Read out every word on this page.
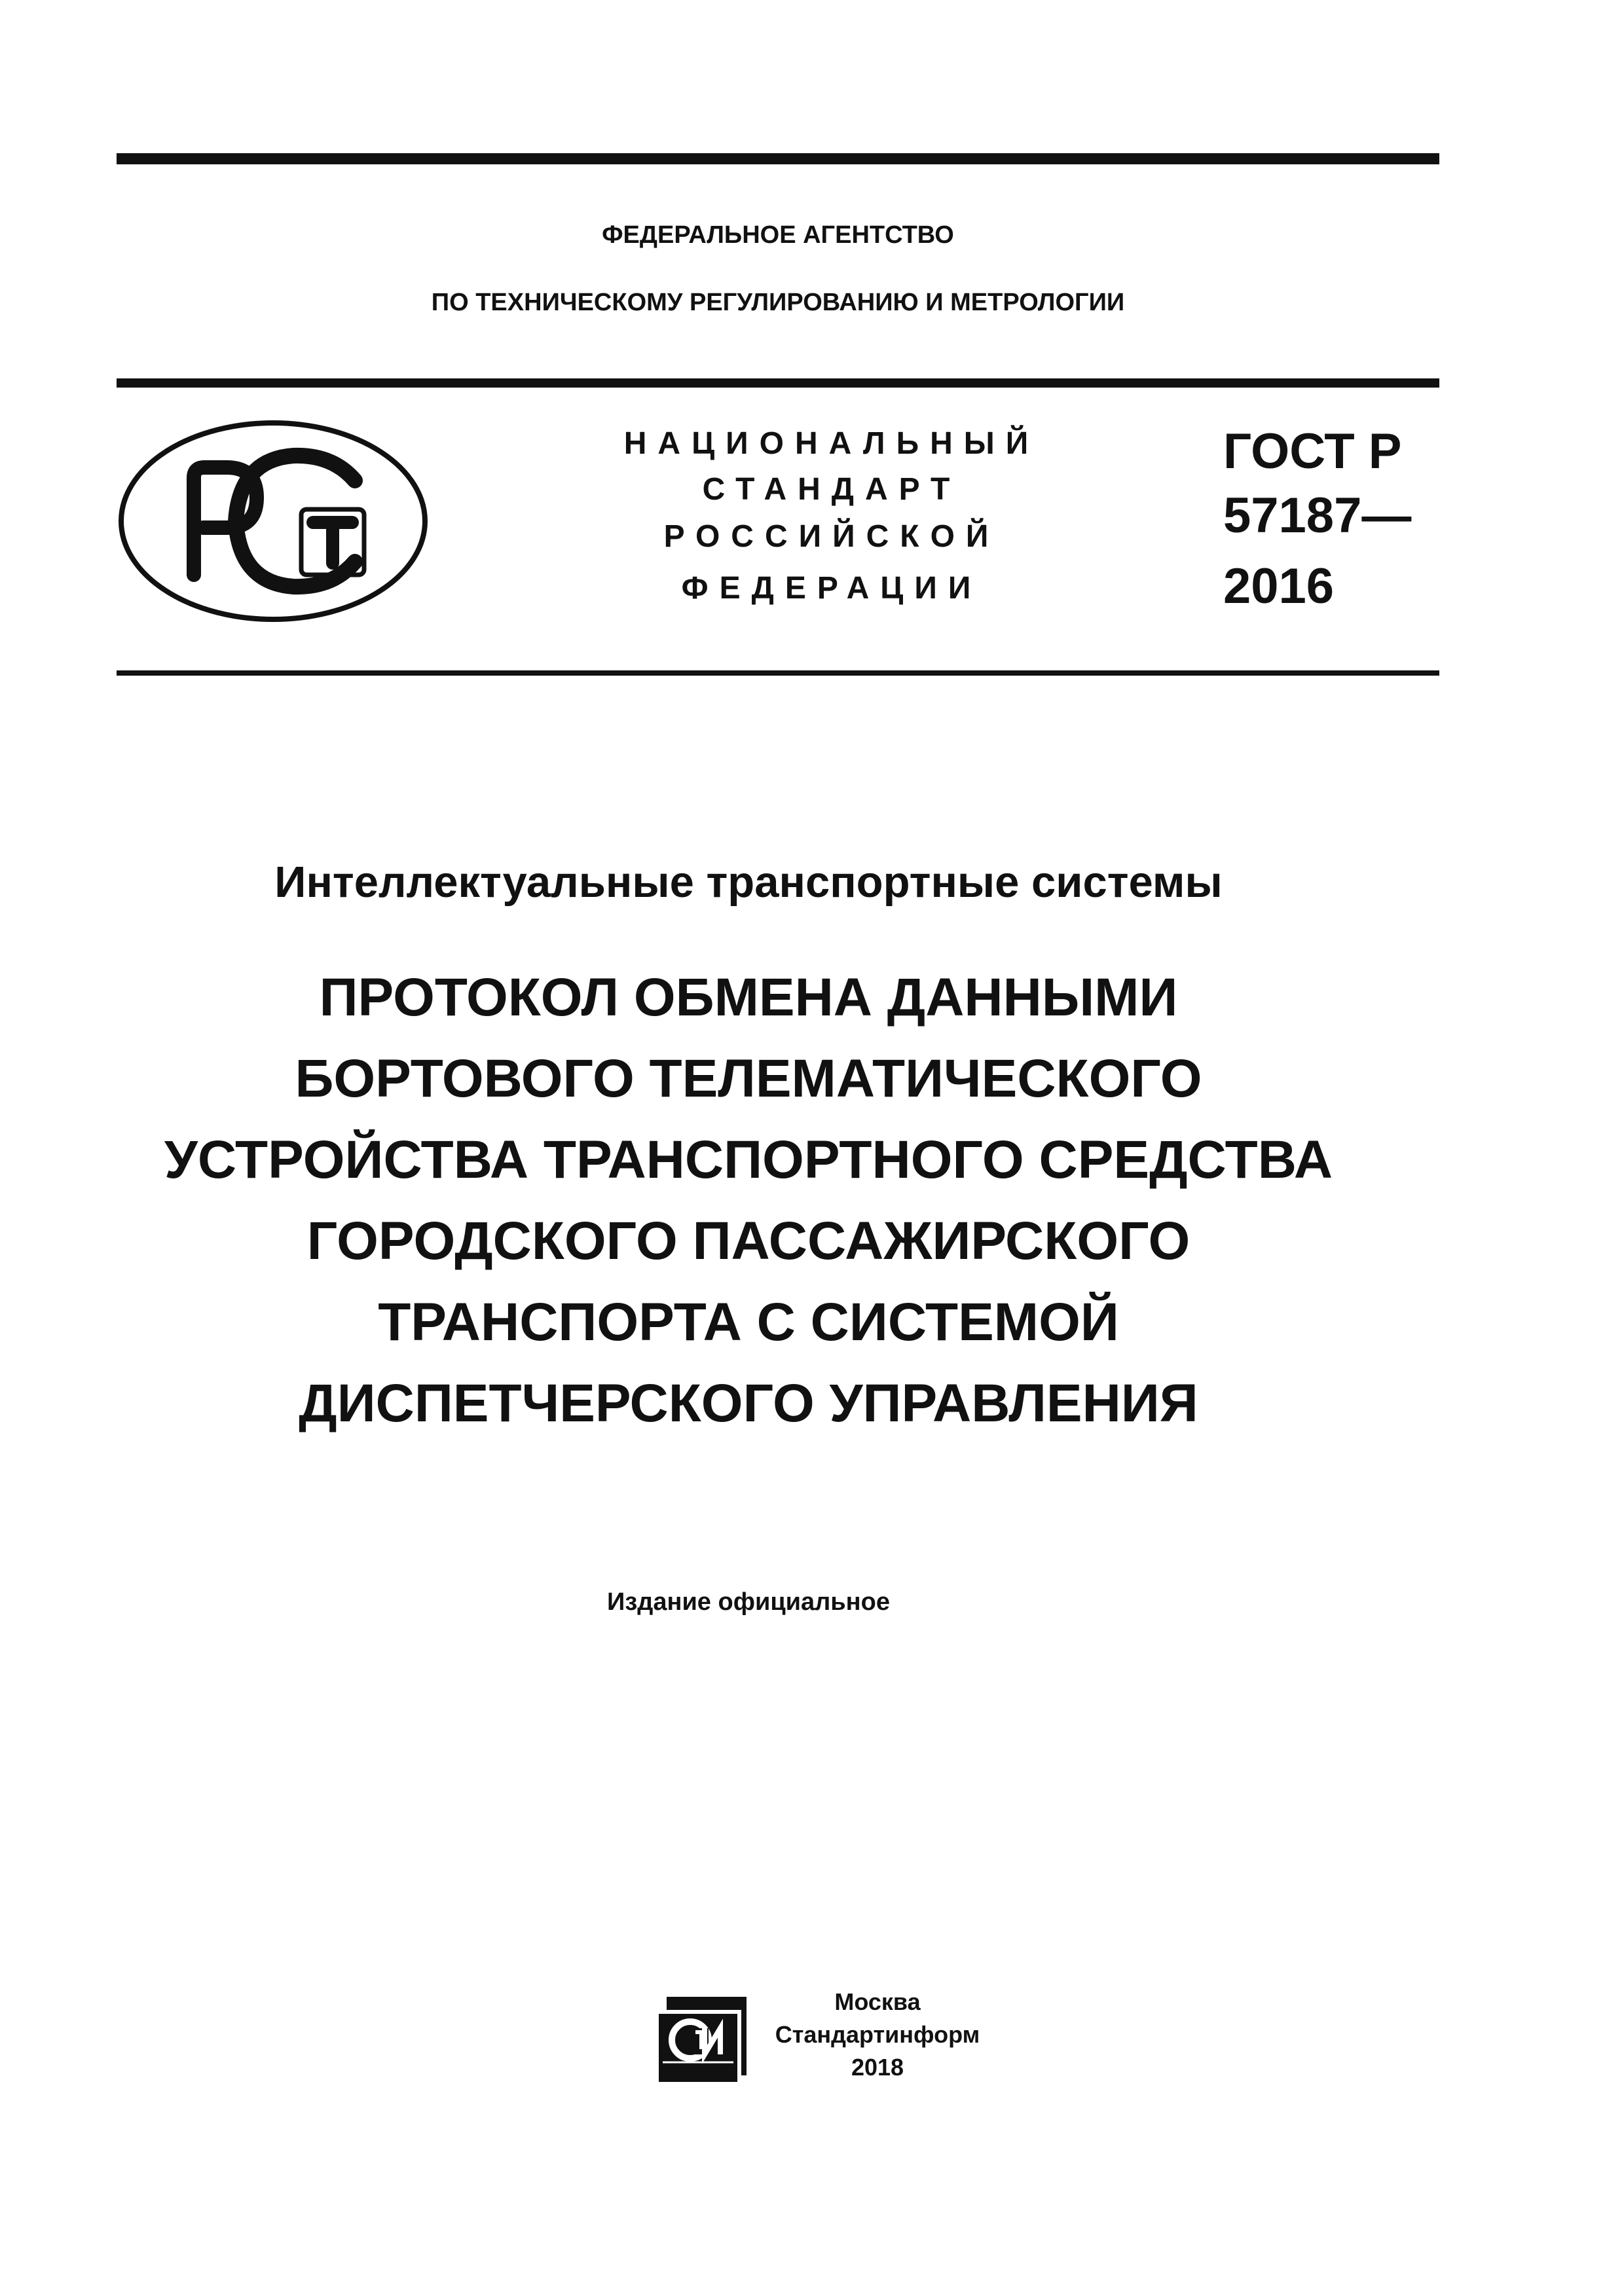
ФЕДЕРАЛЬНОЕ АГЕНТСТВО
ПО ТЕХНИЧЕСКОМУ РЕГУЛИРОВАНИЮ И МЕТРОЛОГИИ
НАЦИОНАЛЬНЫЙ
СТАНДАРТ
РОССИЙСКОЙ
ФЕДЕРАЦИИ
ГОСТ Р
57187—
2016
Интеллектуальные транспортные системы
ПРОТОКОЛ ОБМЕНА ДАННЫМИ
БОРТОВОГО ТЕЛЕМАТИЧЕСКОГО
УСТРОЙСТВА ТРАНСПОРТНОГО СРЕДСТВА
ГОРОДСКОГО ПАССАЖИРСКОГО
ТРАНСПОРТА С СИСТЕМОЙ
ДИСПЕТЧЕРСКОГО УПРАВЛЕНИЯ
Издание официальное
Москва
Стандартинформ
2018
